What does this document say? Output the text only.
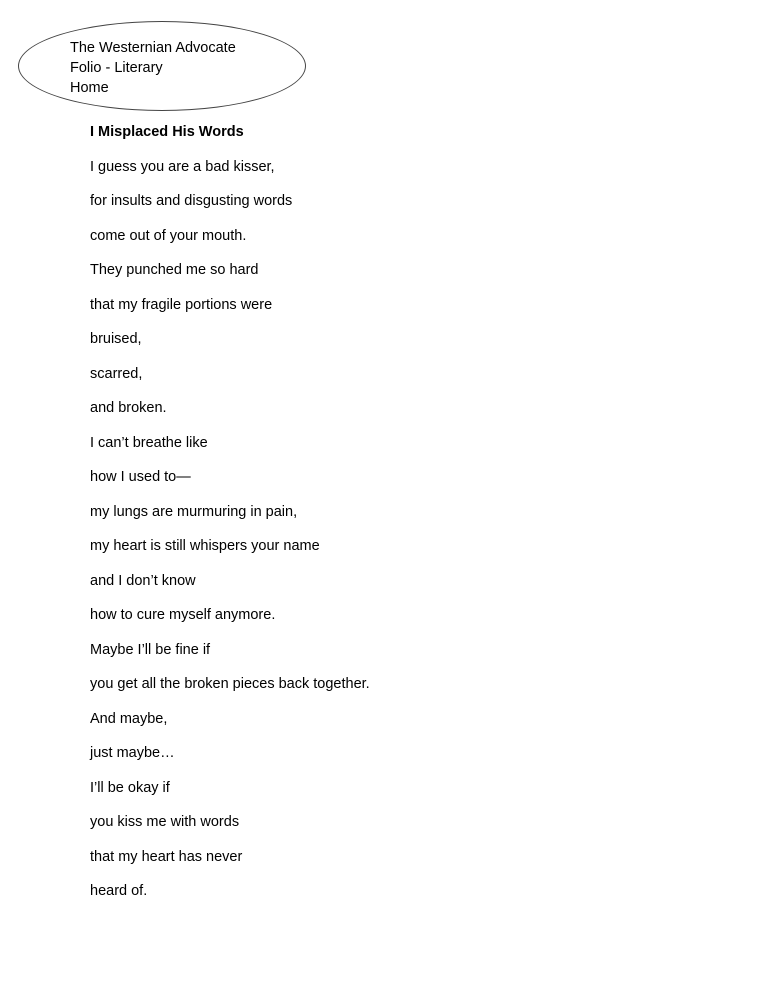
The Westernian Advocate
Folio - Literary
Home
I Misplaced His Words
I guess you are a bad kisser,
for insults and disgusting words
come out of your mouth.
They punched me so hard
that my fragile portions were
bruised,
scarred,
and broken.
I can’t breathe like
how I used to—
my lungs are murmuring in pain,
my heart is still whispers your name
and I don’t know
how to cure myself anymore.
Maybe I’ll be fine if
you get all the broken pieces back together.
And maybe,
just maybe…
I’ll be okay if
you kiss me with words
that my heart has never
heard of.
